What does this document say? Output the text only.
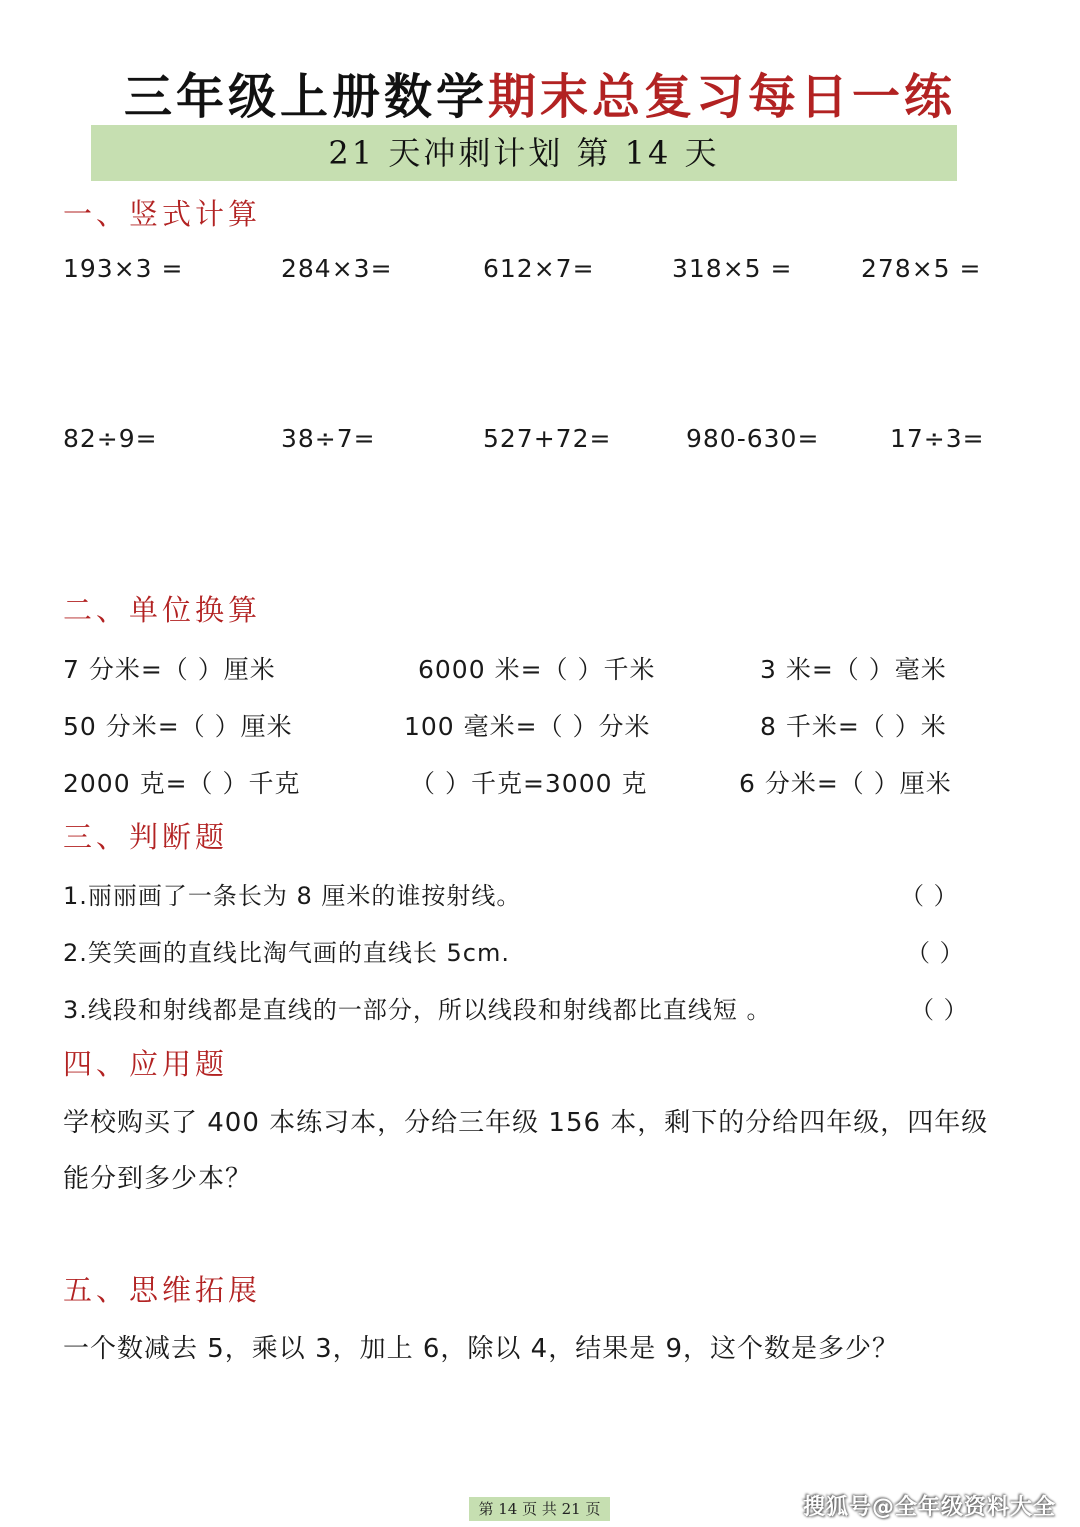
三年级上册数学期末总复习每日一练
21 天冲刺计划 第 14 天
一、竖式计算
193×3 =	284×3=	612×7=	318×5 =	278×5 =
82÷9=	38÷7=	527+72=	980-630=	17÷3=
二、单位换算
7 分米=（ ）厘米	6000 米=（ ）千米	3 米=（ ）毫米
50 分米=（ ）厘米	100 毫米=（ ）分米	8 千米=（ ）米
2000 克=（ ）千克	（ ）千克=3000 克	6 分米=（ ）厘米
三、判断题
1.丽丽画了一条长为 8 厘米的谁按射线。	（ ）
2.笑笑画的直线比淘气画的直线长 5cm.	（ ）
3.线段和射线都是直线的一部分，所以线段和射线都比直线短 。	（ ）
四、应用题
学校购买了 400 本练习本，分给三年级 156 本，剩下的分给四年级，四年级
能分到多少本？
五、思维拓展
一个数减去 5，乘以 3，加上 6，除以 4，结果是 9，这个数是多少？
第 14 页 共 21 页	搜狐号@全年级资料大全
